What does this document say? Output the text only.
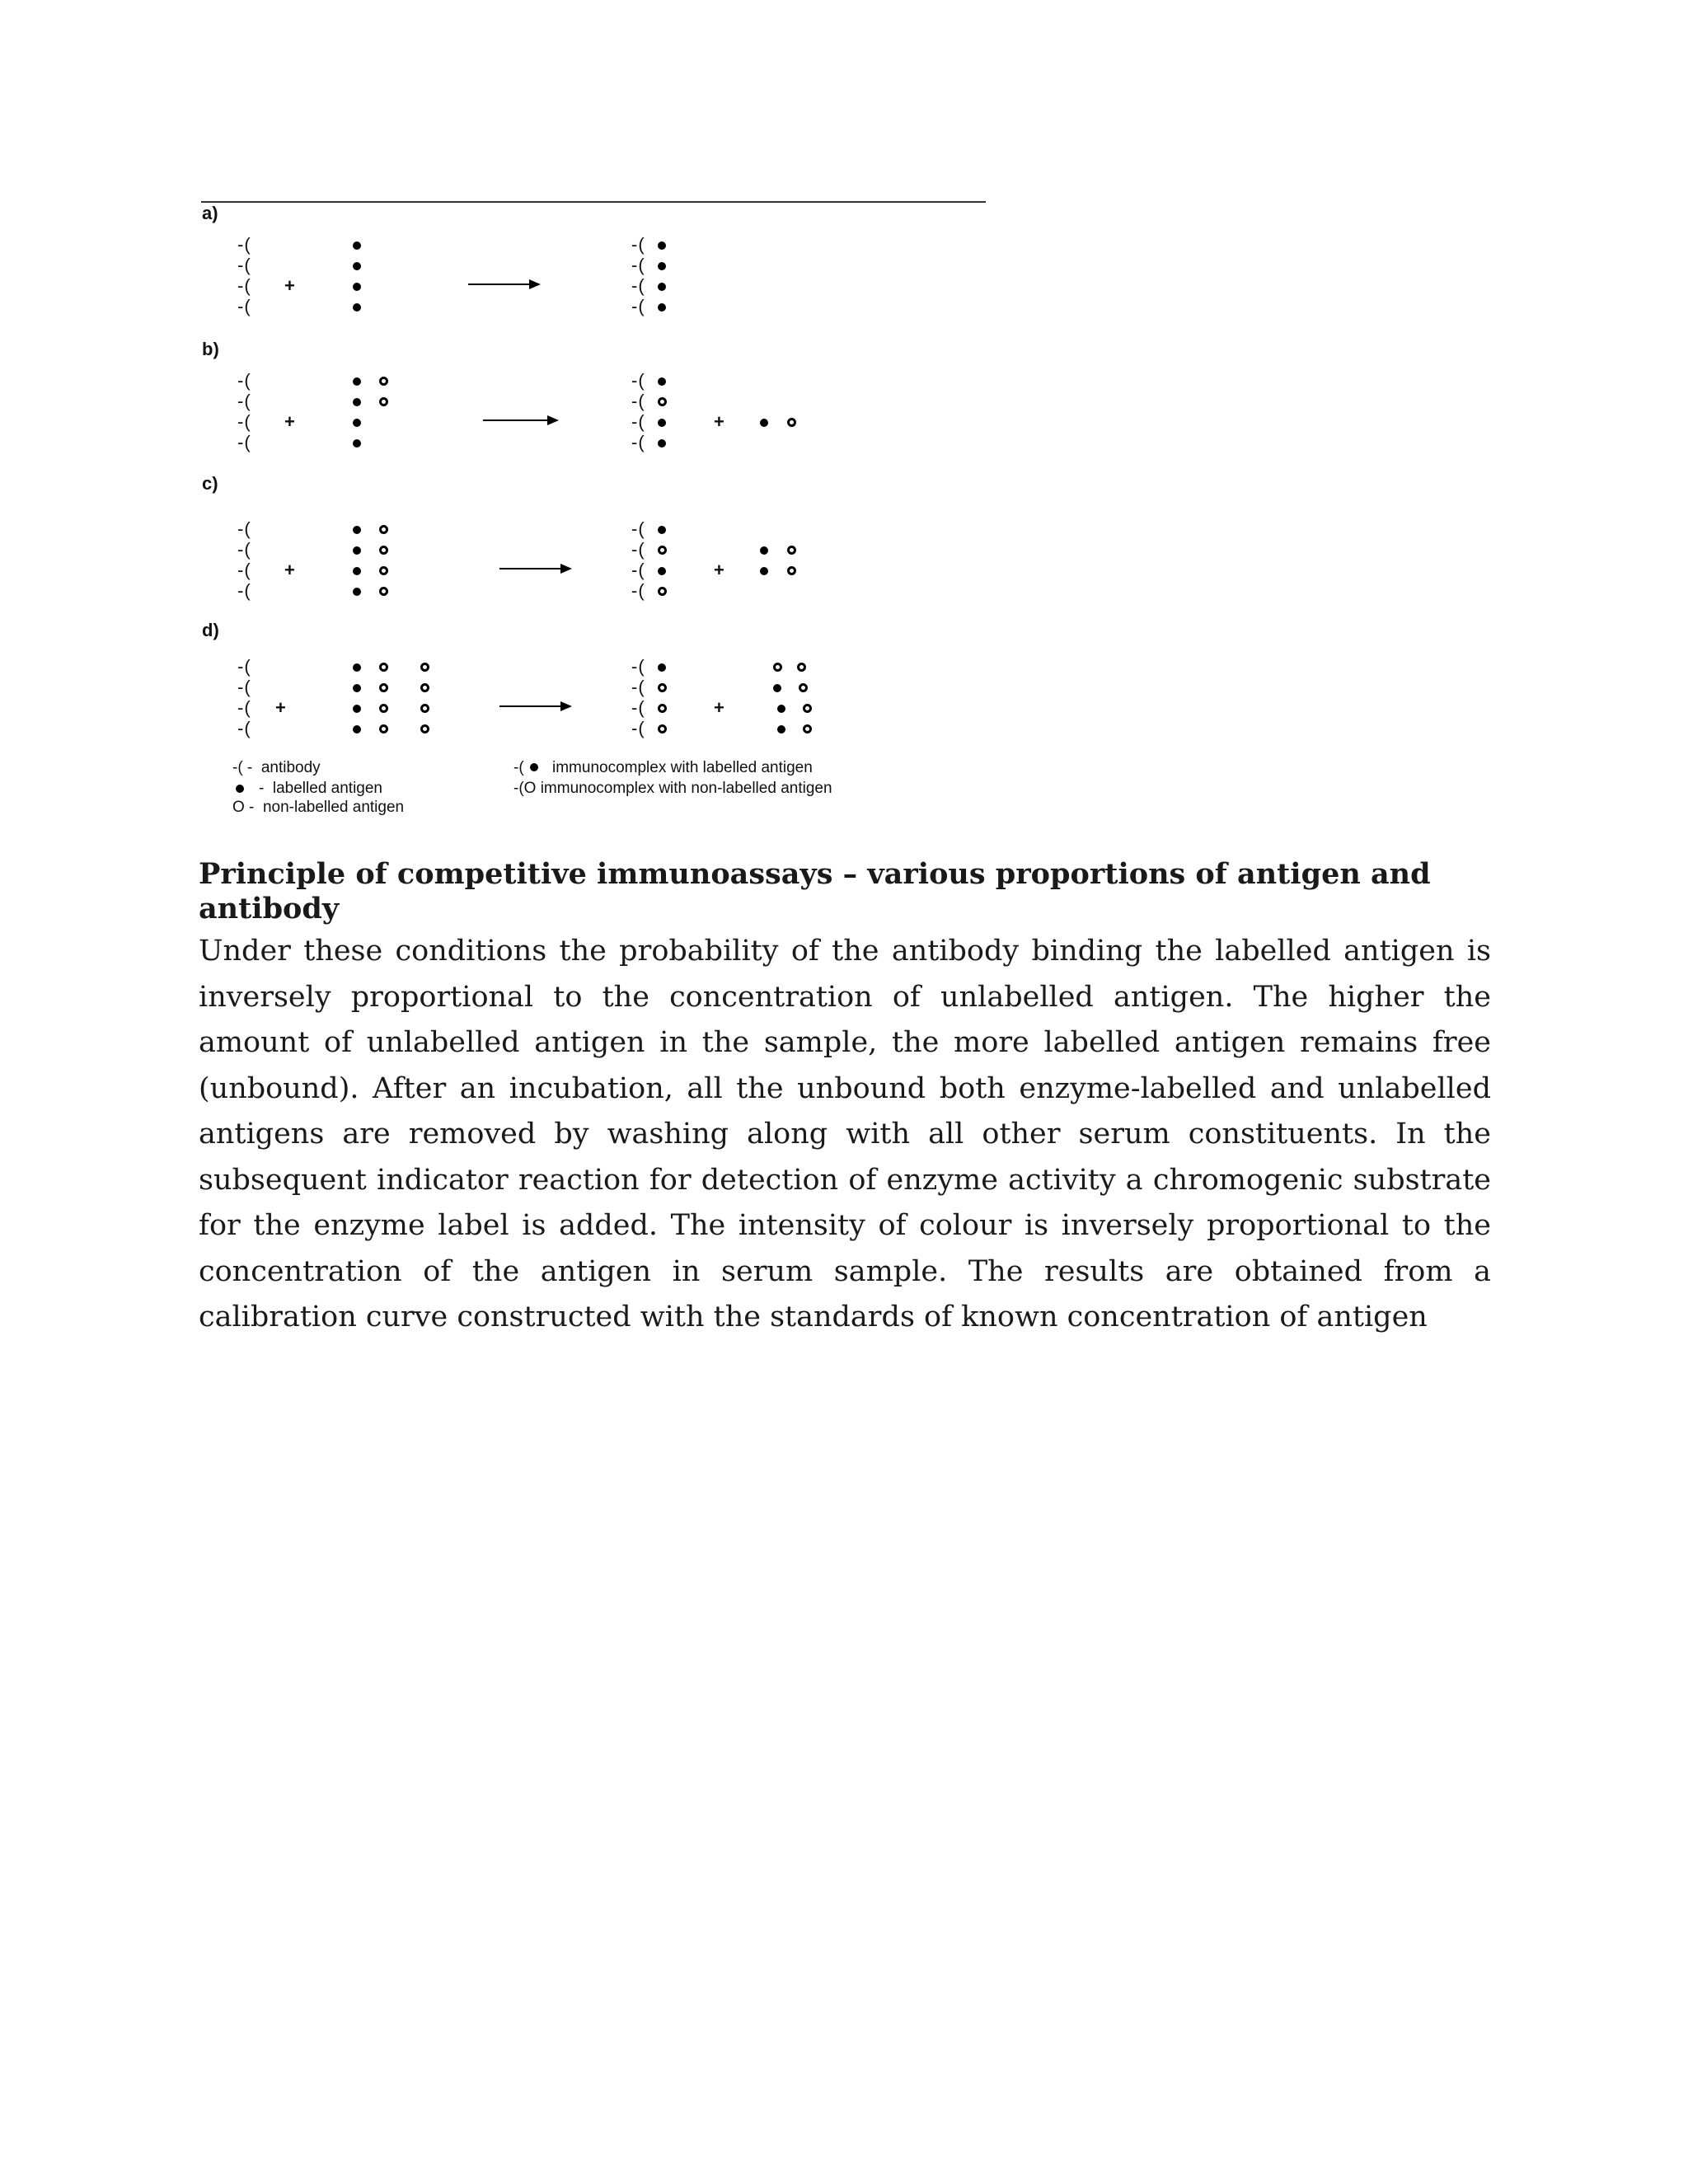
a)
-(
-(
-(
-(
+
-(
-(
-(
-(
b)
-(
-(
-(
-(
+
-(
-(
-(
-(
+
c)
-(
-(
-(
-(
+
-(
-(
-(
-(
+
d)
-(
-(
-(
-(
+
-(
-(
-(
-(
+
-( -  antibody
-  labelled antigen
O -  non-labelled antigen
-( immunocomplex with labelled antigen
-(O immunocomplex with non-labelled antigen

Principle of competitive immunoassays – various proportions of antigen and antibody

Under these conditions the probability of the antibody binding the labelled antigen is inversely proportional to the concentration of unlabelled antigen. The higher the amount of unlabelled antigen in the sample, the more labelled antigen remains free (unbound). After an incubation, all the unbound both enzyme-labelled and unlabelled antigens are removed by washing along with all other serum constituents. In the subsequent indicator reaction for detection of enzyme activity a chromogenic substrate for the enzyme label is added. The intensity of colour is inversely proportional to the concentration of the antigen in serum sample. The results are obtained from a calibration curve constructed with the standards of known concentration of antigen
